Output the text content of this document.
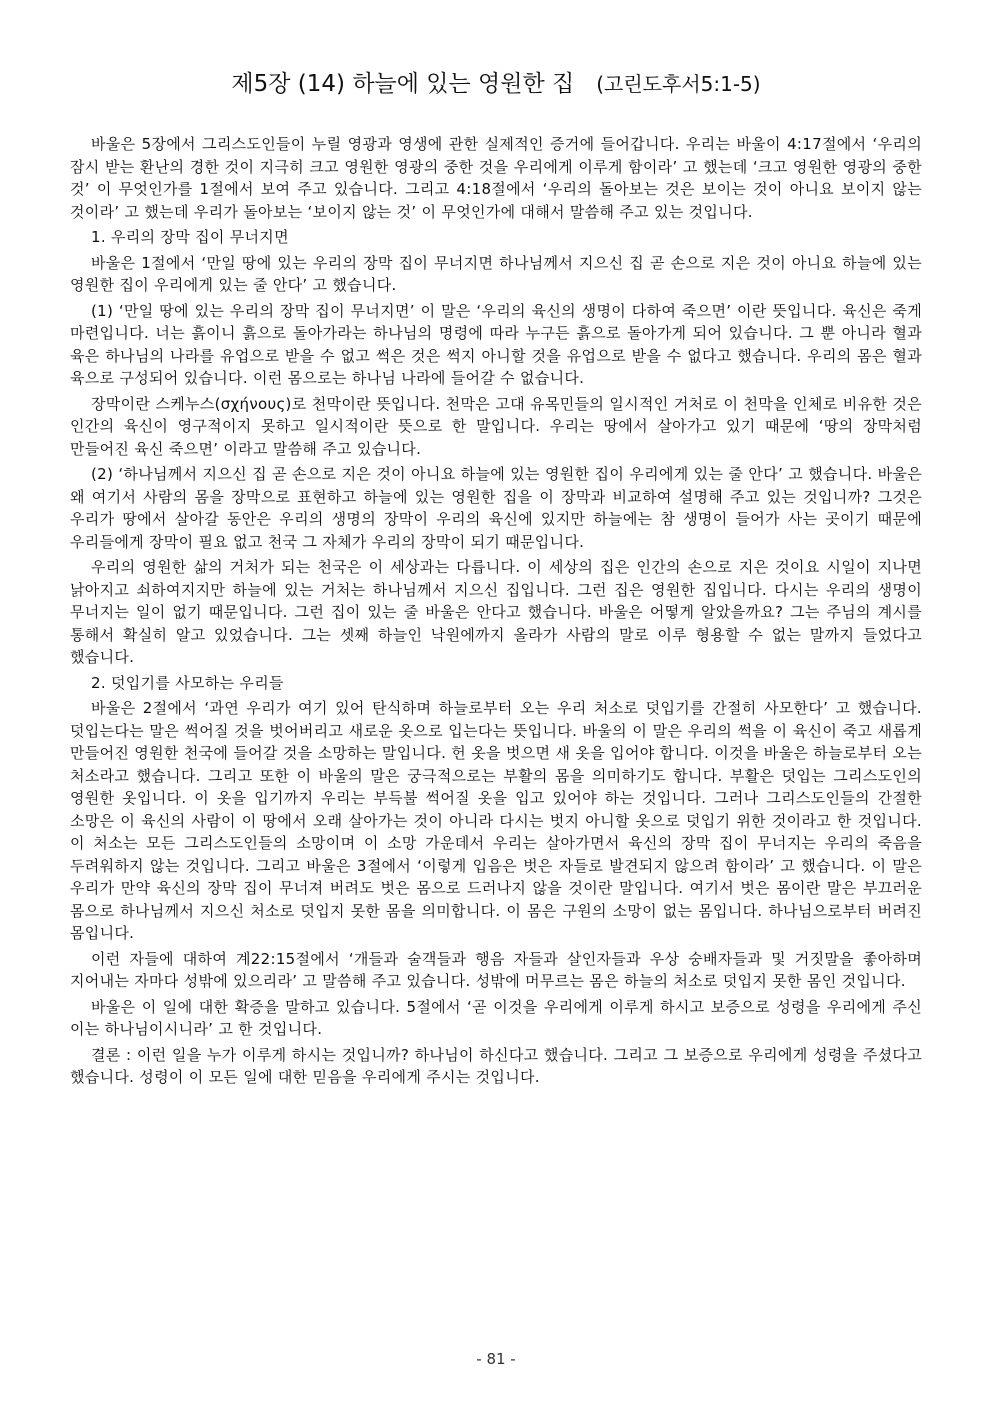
제5장 (14) 하늘에 있는 영원한 집 (고린도후서5:1-5)

바울은 5장에서 그리스도인들이 누릴 영광과 영생에 관한 실제적인 증거에 들어갑니다. 우리는 바울이 4:17절에서 ‘우리의 잠시 받는 환난의 경한 것이 지극히 크고 영원한 영광의 중한 것을 우리에게 이루게 함이라’ 고 했는데 ‘크고 영원한 영광의 중한 것’ 이 무엇인가를 1절에서 보여 주고 있습니다. 그리고 4:18절에서 ‘우리의 돌아보는 것은 보이는 것이 아니요 보이지 않는 것이라’ 고 했는데 우리가 돌아보는 ‘보이지 않는 것’ 이 무엇인가에 대해서 말씀해 주고 있는 것입니다.

1. 우리의 장막 집이 무너지면

바울은 1절에서 ‘만일 땅에 있는 우리의 장막 집이 무너지면 하나님께서 지으신 집 곧 손으로 지은 것이 아니요 하늘에 있는 영원한 집이 우리에게 있는 줄 안다’ 고 했습니다.

(1) ‘만일 땅에 있는 우리의 장막 집이 무너지면’ 이 말은 ‘우리의 육신의 생명이 다하여 죽으면’ 이란 뜻입니다. 육신은 죽게 마련입니다. 너는 흙이니 흙으로 돌아가라는 하나님의 명령에 따라 누구든 흙으로 돌아가게 되어 있습니다. 그 뿐 아니라 혈과 육은 하나님의 나라를 유업으로 받을 수 없고 썩은 것은 썩지 아니할 것을 유업으로 받을 수 없다고 했습니다. 우리의 몸은 혈과 육으로 구성되어 있습니다. 이런 몸으로는 하나님 나라에 들어갈 수 없습니다.

장막이란 스케누스(σχήνους)로 천막이란 뜻입니다. 천막은 고대 유목민들의 일시적인 거처로 이 천막을 인체로 비유한 것은 인간의 육신이 영구적이지 못하고 일시적이란 뜻으로 한 말입니다. 우리는 땅에서 살아가고 있기 때문에 ‘땅의 장막처럼 만들어진 육신 죽으면’ 이라고 말씀해 주고 있습니다.

(2) ‘하나님께서 지으신 집 곧 손으로 지은 것이 아니요 하늘에 있는 영원한 집이 우리에게 있는 줄 안다’ 고 했습니다. 바울은 왜 여기서 사람의 몸을 장막으로 표현하고 하늘에 있는 영원한 집을 이 장막과 비교하여 설명해 주고 있는 것입니까? 그것은 우리가 땅에서 살아갈 동안은 우리의 생명의 장막이 우리의 육신에 있지만 하늘에는 참 생명이 들어가 사는 곳이기 때문에 우리들에게 장막이 필요 없고 천국 그 자체가 우리의 장막이 되기 때문입니다.

우리의 영원한 삶의 거처가 되는 천국은 이 세상과는 다릅니다. 이 세상의 집은 인간의 손으로 지은 것이요 시일이 지나면 낡아지고 쇠하여지지만 하늘에 있는 거처는 하나님께서 지으신 집입니다. 그런 집은 영원한 집입니다. 다시는 우리의 생명이 무너지는 일이 없기 때문입니다. 그런 집이 있는 줄 바울은 안다고 했습니다. 바울은 어떻게 알았을까요? 그는 주님의 계시를 통해서 확실히 알고 있었습니다. 그는 셋째 하늘인 낙원에까지 올라가 사람의 말로 이루 형용할 수 없는 말까지 들었다고 했습니다.

2. 덧입기를 사모하는 우리들

바울은 2절에서 ‘과연 우리가 여기 있어 탄식하며 하늘로부터 오는 우리 처소로 덧입기를 간절히 사모한다’ 고 했습니다. 덧입는다는 말은 썩어질 것을 벗어버리고 새로운 옷으로 입는다는 뜻입니다. 바울의 이 말은 우리의 썩을 이 육신이 죽고 새롭게 만들어진 영원한 천국에 들어갈 것을 소망하는 말입니다. 헌 옷을 벗으면 새 옷을 입어야 합니다. 이것을 바울은 하늘로부터 오는 처소라고 했습니다. 그리고 또한 이 바울의 말은 궁극적으로는 부활의 몸을 의미하기도 합니다. 부활은 덧입는 그리스도인의 영원한 옷입니다. 이 옷을 입기까지 우리는 부득불 썩어질 옷을 입고 있어야 하는 것입니다. 그러나 그리스도인들의 간절한 소망은 이 육신의 사람이 이 땅에서 오래 살아가는 것이 아니라 다시는 벗지 아니할 옷으로 덧입기 위한 것이라고 한 것입니다. 이 처소는 모든 그리스도인들의 소망이며 이 소망 가운데서 우리는 살아가면서 육신의 장막 집이 무너지는 우리의 죽음을 두려워하지 않는 것입니다. 그리고 바울은 3절에서 ‘이렇게 입음은 벗은 자들로 발견되지 않으려 함이라’ 고 했습니다. 이 말은 우리가 만약 육신의 장막 집이 무너져 버려도 벗은 몸으로 드러나지 않을 것이란 말입니다. 여기서 벗은 몸이란 말은 부끄러운 몸으로 하나님께서 지으신 처소로 덧입지 못한 몸을 의미합니다. 이 몸은 구원의 소망이 없는 몸입니다. 하나님으로부터 버려진 몸입니다.

이런 자들에 대하여 계22:15절에서 ‘개들과 술객들과 행음 자들과 살인자들과 우상 숭배자들과 및 거짓말을 좋아하며 지어내는 자마다 성밖에 있으리라’ 고 말씀해 주고 있습니다. 성밖에 머무르는 몸은 하늘의 처소로 덧입지 못한 몸인 것입니다.

바울은 이 일에 대한 확증을 말하고 있습니다. 5절에서 ‘곧 이것을 우리에게 이루게 하시고 보증으로 성령을 우리에게 주신 이는 하나님이시니라’ 고 한 것입니다.

결론 : 이런 일을 누가 이루게 하시는 것입니까? 하나님이 하신다고 했습니다. 그리고 그 보증으로 우리에게 성령을 주셨다고 했습니다. 성령이 이 모든 일에 대한 믿음을 우리에게 주시는 것입니다.

- 81 -
